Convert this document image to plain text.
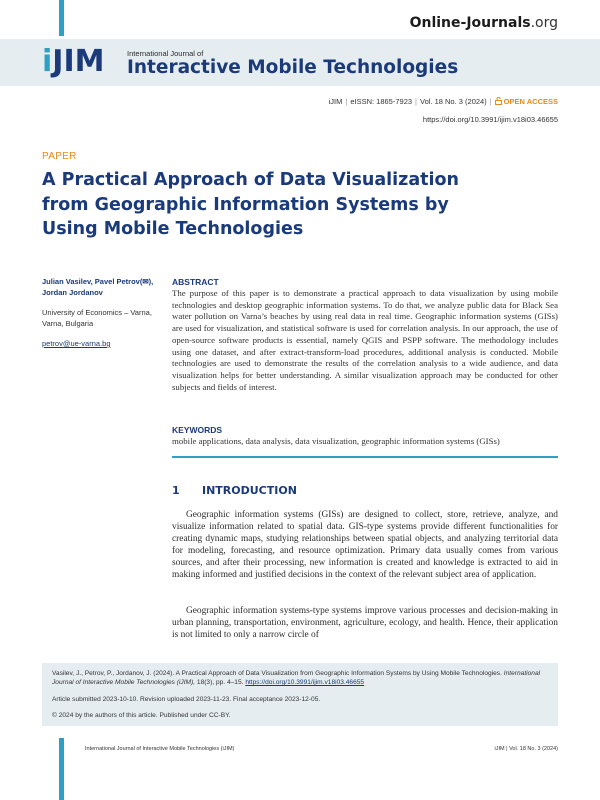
Online-Journals.org
iJIM	International Journal of
Interactive Mobile Technologies
iJIM | eISSN: 1865-7923 | Vol. 18 No. 3 (2024) | OPEN ACCESS
https://doi.org/10.3991/ijim.v18i03.46655
PAPER
A Practical Approach of Data Visualization from Geographic Information Systems by Using Mobile Technologies
Julian Vasilev, Pavel Petrov(✉), Jordan Jordanov
University of Economics – Varna, Varna, Bulgaria
petrov@ue-varna.bg
ABSTRACT
The purpose of this paper is to demonstrate a practical approach to data visualization by using mobile technologies and desktop geographic information systems. To do that, we analyze public data for Black Sea water pollution on Varna’s beaches by using real data in real time. Geographic information systems (GISs) are used for visualization, and statistical software is used for correlation analysis. In our approach, the use of open-source software products is essential, namely QGIS and PSPP software. The methodology includes using one dataset, and after extract-transform-load procedures, additional analysis is conducted. Mobile technologies are used to demonstrate the results of the correlation analysis to a wide audience, and data visualization helps for better understanding. A similar visualization approach may be conducted for other subjects and fields of interest.
KEYWORDS
mobile applications, data analysis, data visualization, geographic information systems (GISs)
1 INTRODUCTION
Geographic information systems (GISs) are designed to collect, store, retrieve, analyze, and visualize information related to spatial data. GIS-type systems provide different functionalities for creating dynamic maps, studying relationships between spatial objects, and analyzing territorial data for modeling, forecasting, and resource optimization. Primary data usually comes from various sources, and after their processing, new information is created and knowledge is extracted to aid in making informed and justified decisions in the context of the relevant subject area of application.
Geographic information systems-type systems improve various processes and decision-making in urban planning, transportation, environment, agriculture, ecology, and health. Hence, their application is not limited to only a narrow circle of
Vasilev, J., Petrov, P., Jordanov, J. (2024). A Practical Approach of Data Visualization from Geographic Information Systems by Using Mobile Technologies. International Journal of Interactive Mobile Technologies (iJIM), 18(3), pp. 4–15. https://doi.org/10.3991/ijim.v18i03.46655
Article submitted 2023-10-10. Revision uploaded 2023-11-23. Final acceptance 2023-12-05.
© 2024 by the authors of this article. Published under CC-BY.
4	International Journal of Interactive Mobile Technologies (iJIM)	iJIM | Vol. 18 No. 3 (2024)
